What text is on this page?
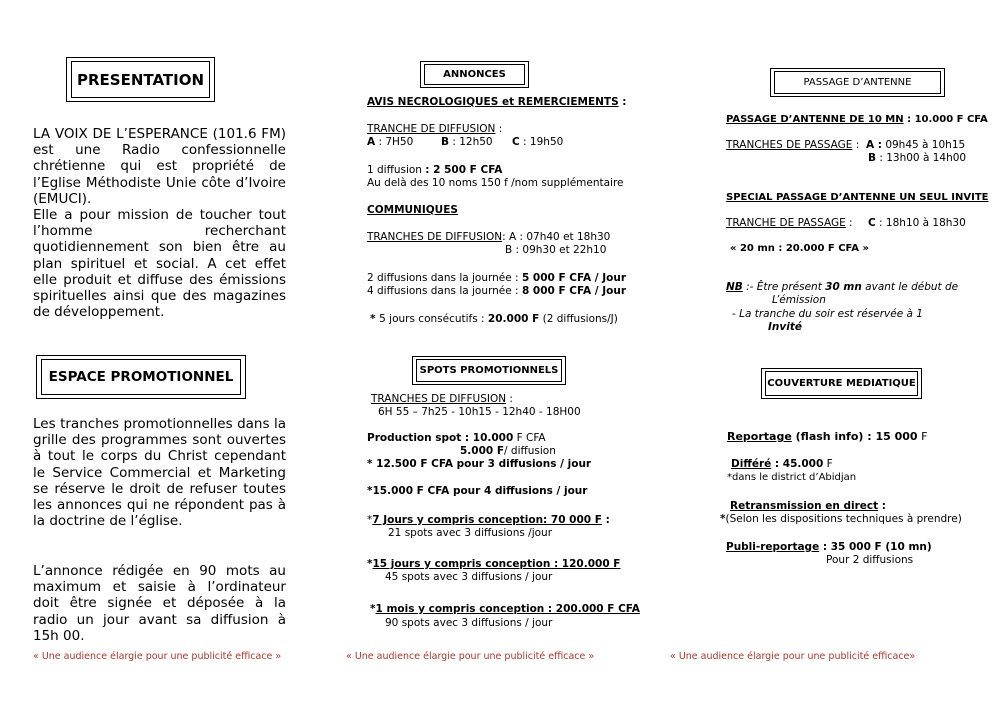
PRESENTATION
LA VOIX DE L’ESPERANCE (101.6 FM) est une Radio confessionnelle chrétienne qui est propriété de l’Eglise Méthodiste Unie côte d’Ivoire (EMUCI).
Elle a pour mission de toucher tout l’homme recherchant quotidiennement son bien être au plan spirituel et social. A cet effet elle produit et diffuse des émissions spirituelles ainsi que des magazines de développement.
ESPACE PROMOTIONNEL
Les tranches promotionnelles dans la grille des programmes sont ouvertes à tout le corps du Christ cependant le Service Commercial et Marketing se réserve le droit de refuser toutes les annonces qui ne répondent pas à la doctrine de l’église.
L’annonce rédigée en 90 mots au maximum et saisie à l’ordinateur doit être signée et déposée à la radio un jour avant sa diffusion à 15h 00.
« Une audience élargie pour une publicité efficace »
ANNONCES
AVIS NECROLOGIQUES et REMERCIEMENTS :
TRANCHE DE DIFFUSION :
A : 7H50	B : 12h50 C : 19h50
1 diffusion : 2 500 F CFA
Au delà des 10 noms 150 f /nom supplémentaire
COMMUNIQUES
TRANCHES DE DIFFUSION: A : 07h40 et 18h30
B : 09h30 et 22h10
2 diffusions dans la journée : 5 000 F CFA / Jour
4 diffusions dans la journée : 8 000 F CFA / Jour
* 5 jours consécutifs : 20.000 F (2 diffusions/J)
SPOTS PROMOTIONNELS
TRANCHES DE DIFFUSION :
6H 55 – 7h25 - 10h15 - 12h40 - 18H00
Production spot : 10.000 F CFA
5.000 F/ diffusion
* 12.500 F CFA pour 3 diffusions / jour
*15.000 F CFA pour 4 diffusions / jour
*7 Jours y compris conception: 70 000 F :
21 spots avec 3 diffusions /jour
*15 jours y compris conception : 120.000 F
45 spots avec 3 diffusions / jour
*1 mois y compris conception : 200.000 F CFA
90 spots avec 3 diffusions / jour
« Une audience élargie pour une publicité efficace »
PASSAGE D’ANTENNE
PASSAGE D’ANTENNE DE 10 MN : 10.000 F CFA
TRANCHES DE PASSAGE : A : 09h45 à 10h15
B : 13h00 à 14h00
SPECIAL PASSAGE D’ANTENNE UN SEUL INVITE
TRANCHE DE PASSAGE : C : 18h10 à 18h30
« 20 mn : 20.000 F CFA »
NB :- Être présent 30 mn avant le début de
L’émission
- La tranche du soir est réservée à 1
Invité
COUVERTURE MEDIATIQUE
Reportage (flash info) : 15 000 F
Différé : 45.000 F
*dans le district d’Abidjan
Retransmission en direct :
*(Selon les dispositions techniques à prendre)
Publi-reportage : 35 000 F (10 mn)
Pour 2 diffusions
« Une audience élargie pour une publicité efficace»
